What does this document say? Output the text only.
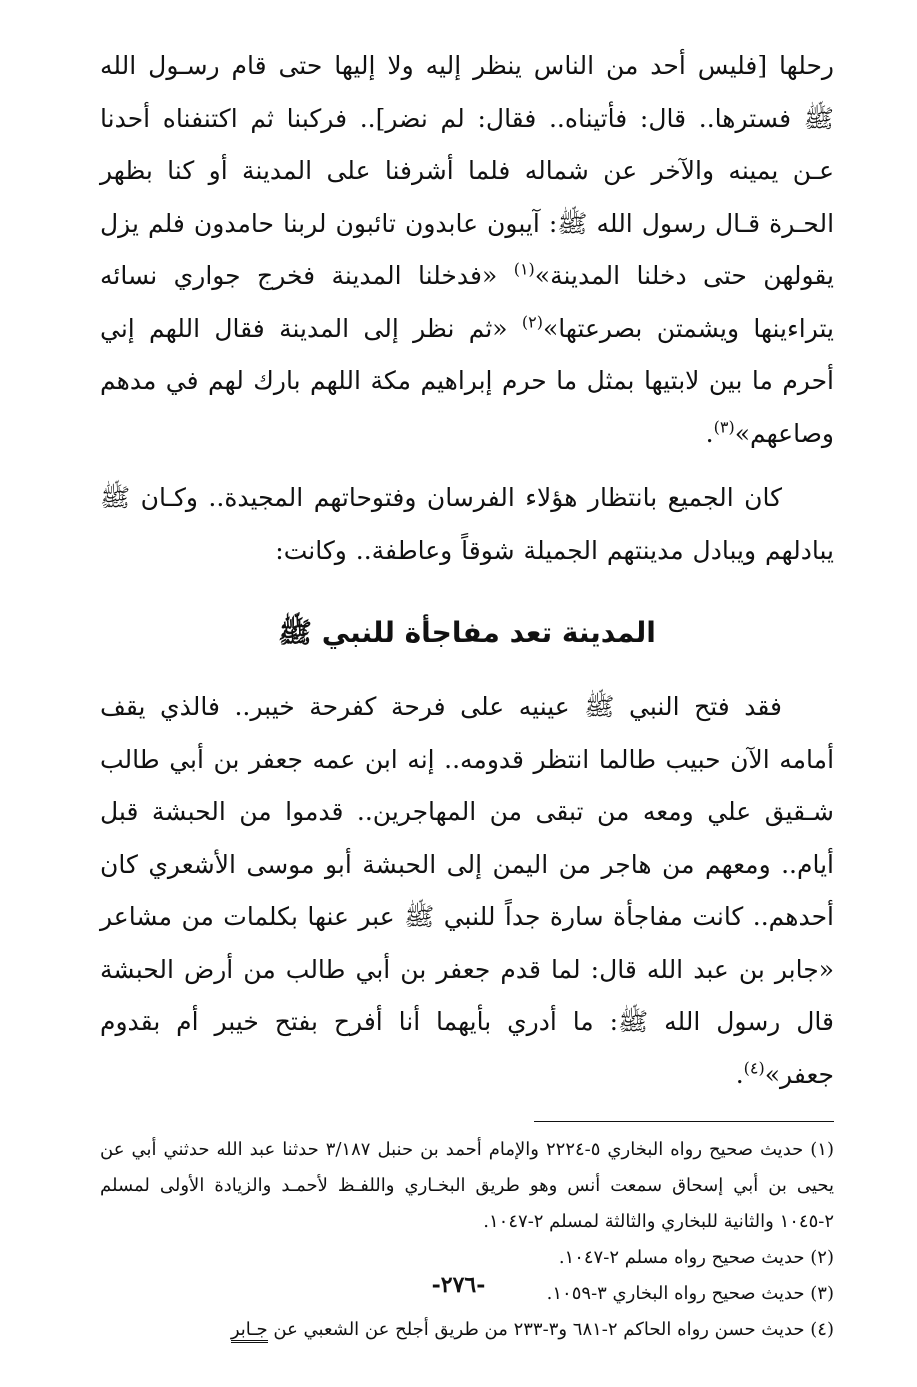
رحلها [فليس أحد من الناس ينظر إليه ولا إليها حتى قام رسـول الله ﷺ فسترها.. قال: فأتيناه.. فقال: لم نضر].. فركبنا ثم اكتنفناه أحدنا عـن يمينه والآخر عن شماله فلما أشرفنا على المدينة أو كنا بظهر الحـرة قـال رسول الله ﷺ: آيبون عابدون تائبون لربنا حامدون فلم يزل يقولهن حتى دخلنا المدينة»$^{(١)}$ «فدخلنا المدينة فخرج جواري نسائه يتراءينها ويشمتن بصرعتها»$^{(٢)}$ «ثم نظر إلى المدينة فقال اللهم إني أحرم ما بين لابتيها بمثل ما حرم إبراهيم مكة اللهم بارك لهم في مدهم وصاعهم»$^{(٣)}$.

كان الجميع بانتظار هؤلاء الفرسان وفتوحاتهم المجيدة.. وكـان ﷺ يبادلهم ويبادل مدينتهم الجميلة شوقاً وعاطفة.. وكانت:

المدينة تعد مفاجأة للنبي ﷺ

فقد فتح النبي ﷺ عينيه على فرحة كفرحة خيبر.. فالذي يقف أمامه الآن حبيب طالما انتظر قدومه.. إنه ابن عمه جعفر بن أبي طالب شـقيق علي ومعه من تبقى من المهاجرين.. قدموا من الحبشة قبل أيام.. ومعهم من هاجر من اليمن إلى الحبشة أبو موسى الأشعري كان أحدهم.. كانت مفاجأة سارة جداً للنبي ﷺ عبر عنها بكلمات من مشاعر «جابر بن عبد الله قال: لما قدم جعفر بن أبي طالب من أرض الحبشة قال رسول الله ﷺ: ما أدري بأيهما أنا أفرح بفتح خيبر أم بقدوم جعفر»$^{(٤)}$.

(١) حديث صحيح رواه البخاري ٥-٢٢٢٤ والإمام أحمد بن حنبل ٣/١٨٧ حدثنا عبد الله حدثني أبي عن يحيى بن أبي إسحاق سمعت أنس وهو طريق البخـاري واللفـظ لأحمـد والزيادة الأولى لمسلم ٢-١٠٤٥ والثانية للبخاري والثالثة لمسلم ٢-١٠٤٧.

(٢) حديث صحيح رواه مسلم ٢-١٠٤٧.

(٣) حديث صحيح رواه البخاري ٣-١٠٥٩.

(٤) حديث حسن رواه الحاكم ٢-٦٨١ و٣-٢٣٣ من طريق أجلح عن الشعبي عن جـابر

-٢٧٦-
